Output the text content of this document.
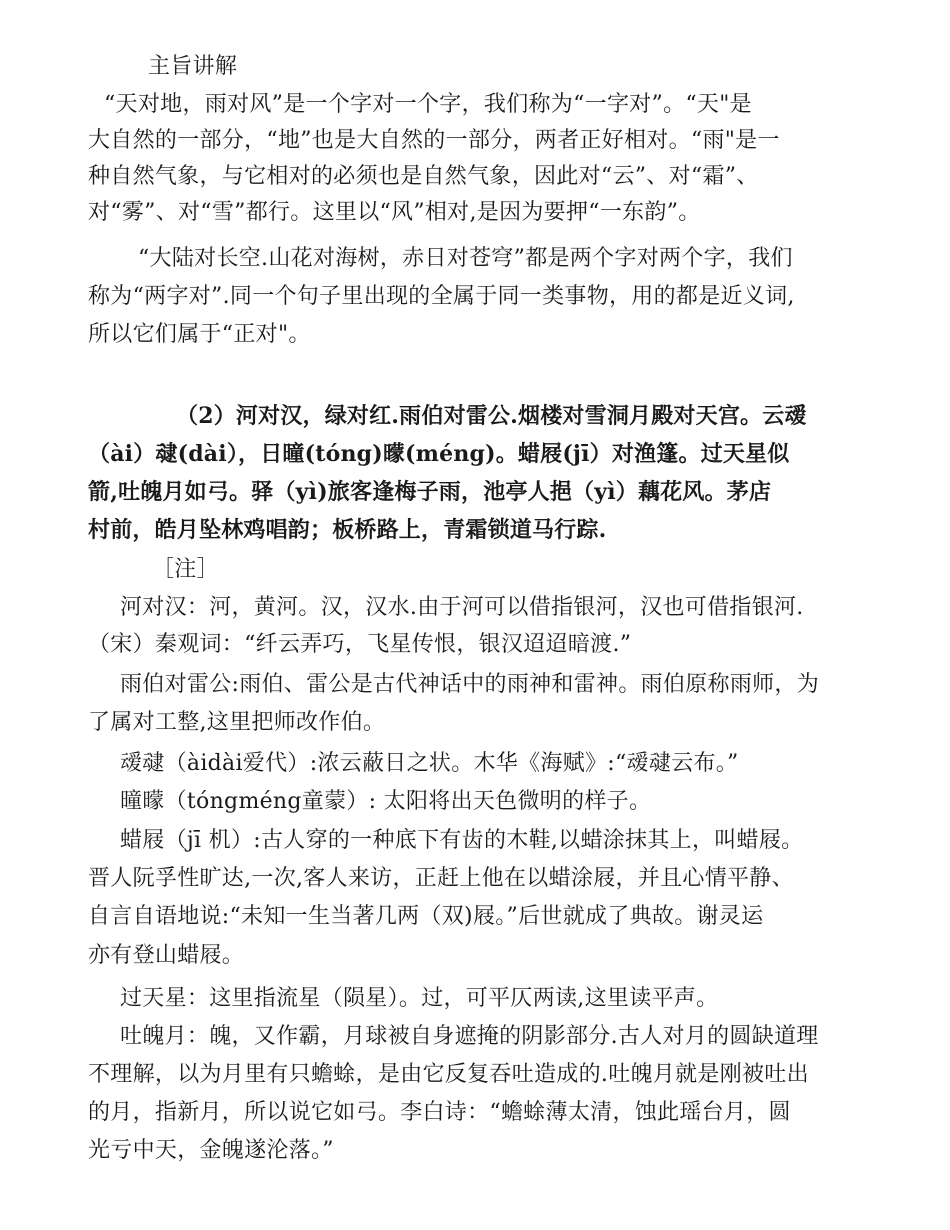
主旨讲解
“天对地，雨对风”是一个字对一个字，我们称为“一字对”。“天"是
大自然的一部分，“地”也是大自然的一部分，两者正好相对。“雨"是一
种自然气象，与它相对的必须也是自然气象，因此对“云”、对“霜”、
对“雾”、对“雪”都行。这里以“风”相对,是因为要押“一东韵”。
“大陆对长空.山花对海树，赤日对苍穹”都是两个字对两个字，我们
称为“两字对”.同一个句子里出现的全属于同一类事物，用的都是近义词,
所以它们属于“正对"。
（2）河对汉，绿对红.雨伯对雷公.烟楼对雪洞月殿对天宫。云叆
（ài）叇(dài），日曈(tóng)曚(méng)。蜡屐(jī）对渔篷。过天星似
箭,吐魄月如弓。驿（yì)旅客逢梅子雨，池亭人挹（yì）藕花风。茅店
村前，皓月坠林鸡唱韵；板桥路上，青霜锁道马行踪.
［注］
河对汉：河，黄河。汉，汉水.由于河可以借指银河，汉也可借指银河.
（宋）秦观词：“纤云弄巧，飞星传恨，银汉迢迢暗渡.”
雨伯对雷公:雨伯、雷公是古代神话中的雨神和雷神。雨伯原称雨师，为
了属对工整,这里把师改作伯。
叆叇（àidài爱代）:浓云蔽日之状。木华《海赋》:“叆叇云布。”
曈曚（tóngméng童蒙）: 太阳将出天色微明的样子。
蜡屐（jī 机）:古人穿的一种底下有齿的木鞋,以蜡涂抹其上，叫蜡屐。
晋人阮孚性旷达,一次,客人来访，正赶上他在以蜡涂屐，并且心情平静、
自言自语地说:“未知一生当著几两（双)屐。”后世就成了典故。谢灵运
亦有登山蜡屐。
过天星：这里指流星（陨星）。过，可平仄两读,这里读平声。
吐魄月：魄，又作霸，月球被自身遮掩的阴影部分.古人对月的圆缺道理
不理解，以为月里有只蟾蜍，是由它反复吞吐造成的.吐魄月就是刚被吐出
的月，指新月，所以说它如弓。李白诗：“蟾蜍薄太清，蚀此瑶台月，圆
光亏中天，金魄遂沦落。”
